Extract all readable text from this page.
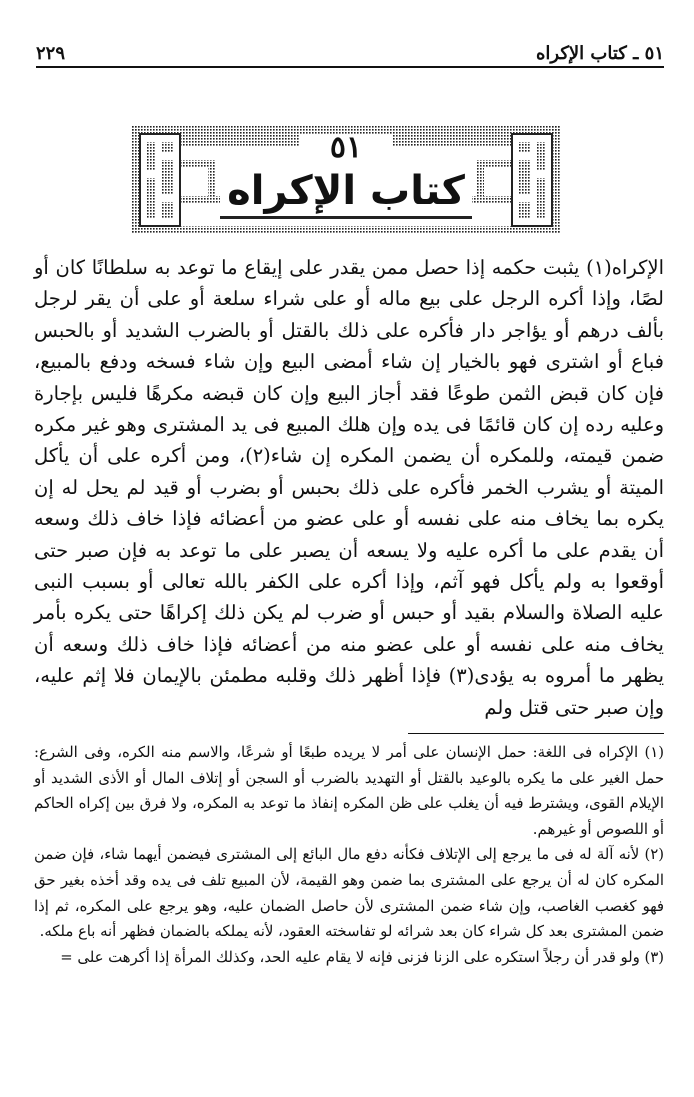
٥١ ـ كتاب الإكراه
٢٢٩
٥١
كتاب الإكراه

الإكراه(١) يثبت حكمه إذا حصل ممن يقدر على إيقاع ما توعد به سلطانًا كان أو لصًا، وإذا أكره الرجل على بيع ماله أو على شراء سلعة أو على أن يقر لرجل بألف درهم أو يؤاجر دار فأكره على ذلك بالقتل أو بالضرب الشديد أو بالحبس فباع أو اشترى فهو بالخيار إن شاء أمضى البيع وإن شاء فسخه ودفع بالمبيع، فإن كان قبض الثمن طوعًا فقد أجاز البيع وإن كان قبضه مكرهًا فليس بإجارة وعليه رده إن كان قائمًا فى يده وإن هلك المبيع فى يد المشترى وهو غير مكره ضمن قيمته، وللمكره أن يضمن المكره إن شاء(٢)، ومن أكره على أن يأكل الميتة أو يشرب الخمر فأكره على ذلك بحبس أو بضرب أو قيد لم يحل له إن يكره بما يخاف منه على نفسه أو على عضو من أعضائه فإذا خاف ذلك وسعه أن يقدم على ما أكره عليه ولا يسعه أن يصبر على ما توعد به فإن صبر حتى أوقعوا به ولم يأكل فهو آثم، وإذا أكره على الكفر بالله تعالى أو بسبب النبى عليه الصلاة والسلام بقيد أو حبس أو ضرب لم يكن ذلك إكراهًا حتى يكره بأمر يخاف منه على نفسه أو على عضو منه من أعضائه فإذا خاف ذلك وسعه أن يظهر ما أمروه به يؤدى(٣) فإذا أظهر ذلك وقلبه مطمئن بالإيمان فلا إثم عليه، وإن صبر حتى قتل ولم

(١) الإكراه فى اللغة: حمل الإنسان على أمر لا يريده طبعًا أو شرعًا، والاسم منه الكره، وفى الشرع: حمل الغير على ما يكره بالوعيد بالقتل أو التهديد بالضرب أو السجن أو إتلاف المال أو الأذى الشديد أو الإيلام القوى، ويشترط فيه أن يغلب على ظن المكره إنفاذ ما توعد به المكره، ولا فرق بين إكراه الحاكم أو اللصوص أو غيرهم.

(٢) لأنه آلة له فى ما يرجع إلى الإتلاف فكأنه دفع مال البائع إلى المشترى فيضمن أيهما شاء، فإن ضمن المكره كان له أن يرجع على المشترى بما ضمن وهو القيمة، لأن المبيع تلف فى يده وقد أخذه بغير حق فهو كغصب الغاصب، وإن شاء ضمن المشترى لأن حاصل الضمان عليه، وهو يرجع على المكره، ثم إذا ضمن المشترى بعد كل شراء كان بعد شرائه لو تفاسخته العقود، لأنه يملكه بالضمان فظهر أنه باع ملكه.

(٣) ولو قدر أن رجلاً استكره على الزنا فزنى فإنه لا يقام عليه الحد، وكذلك المرأة إذا أكرهت على =
